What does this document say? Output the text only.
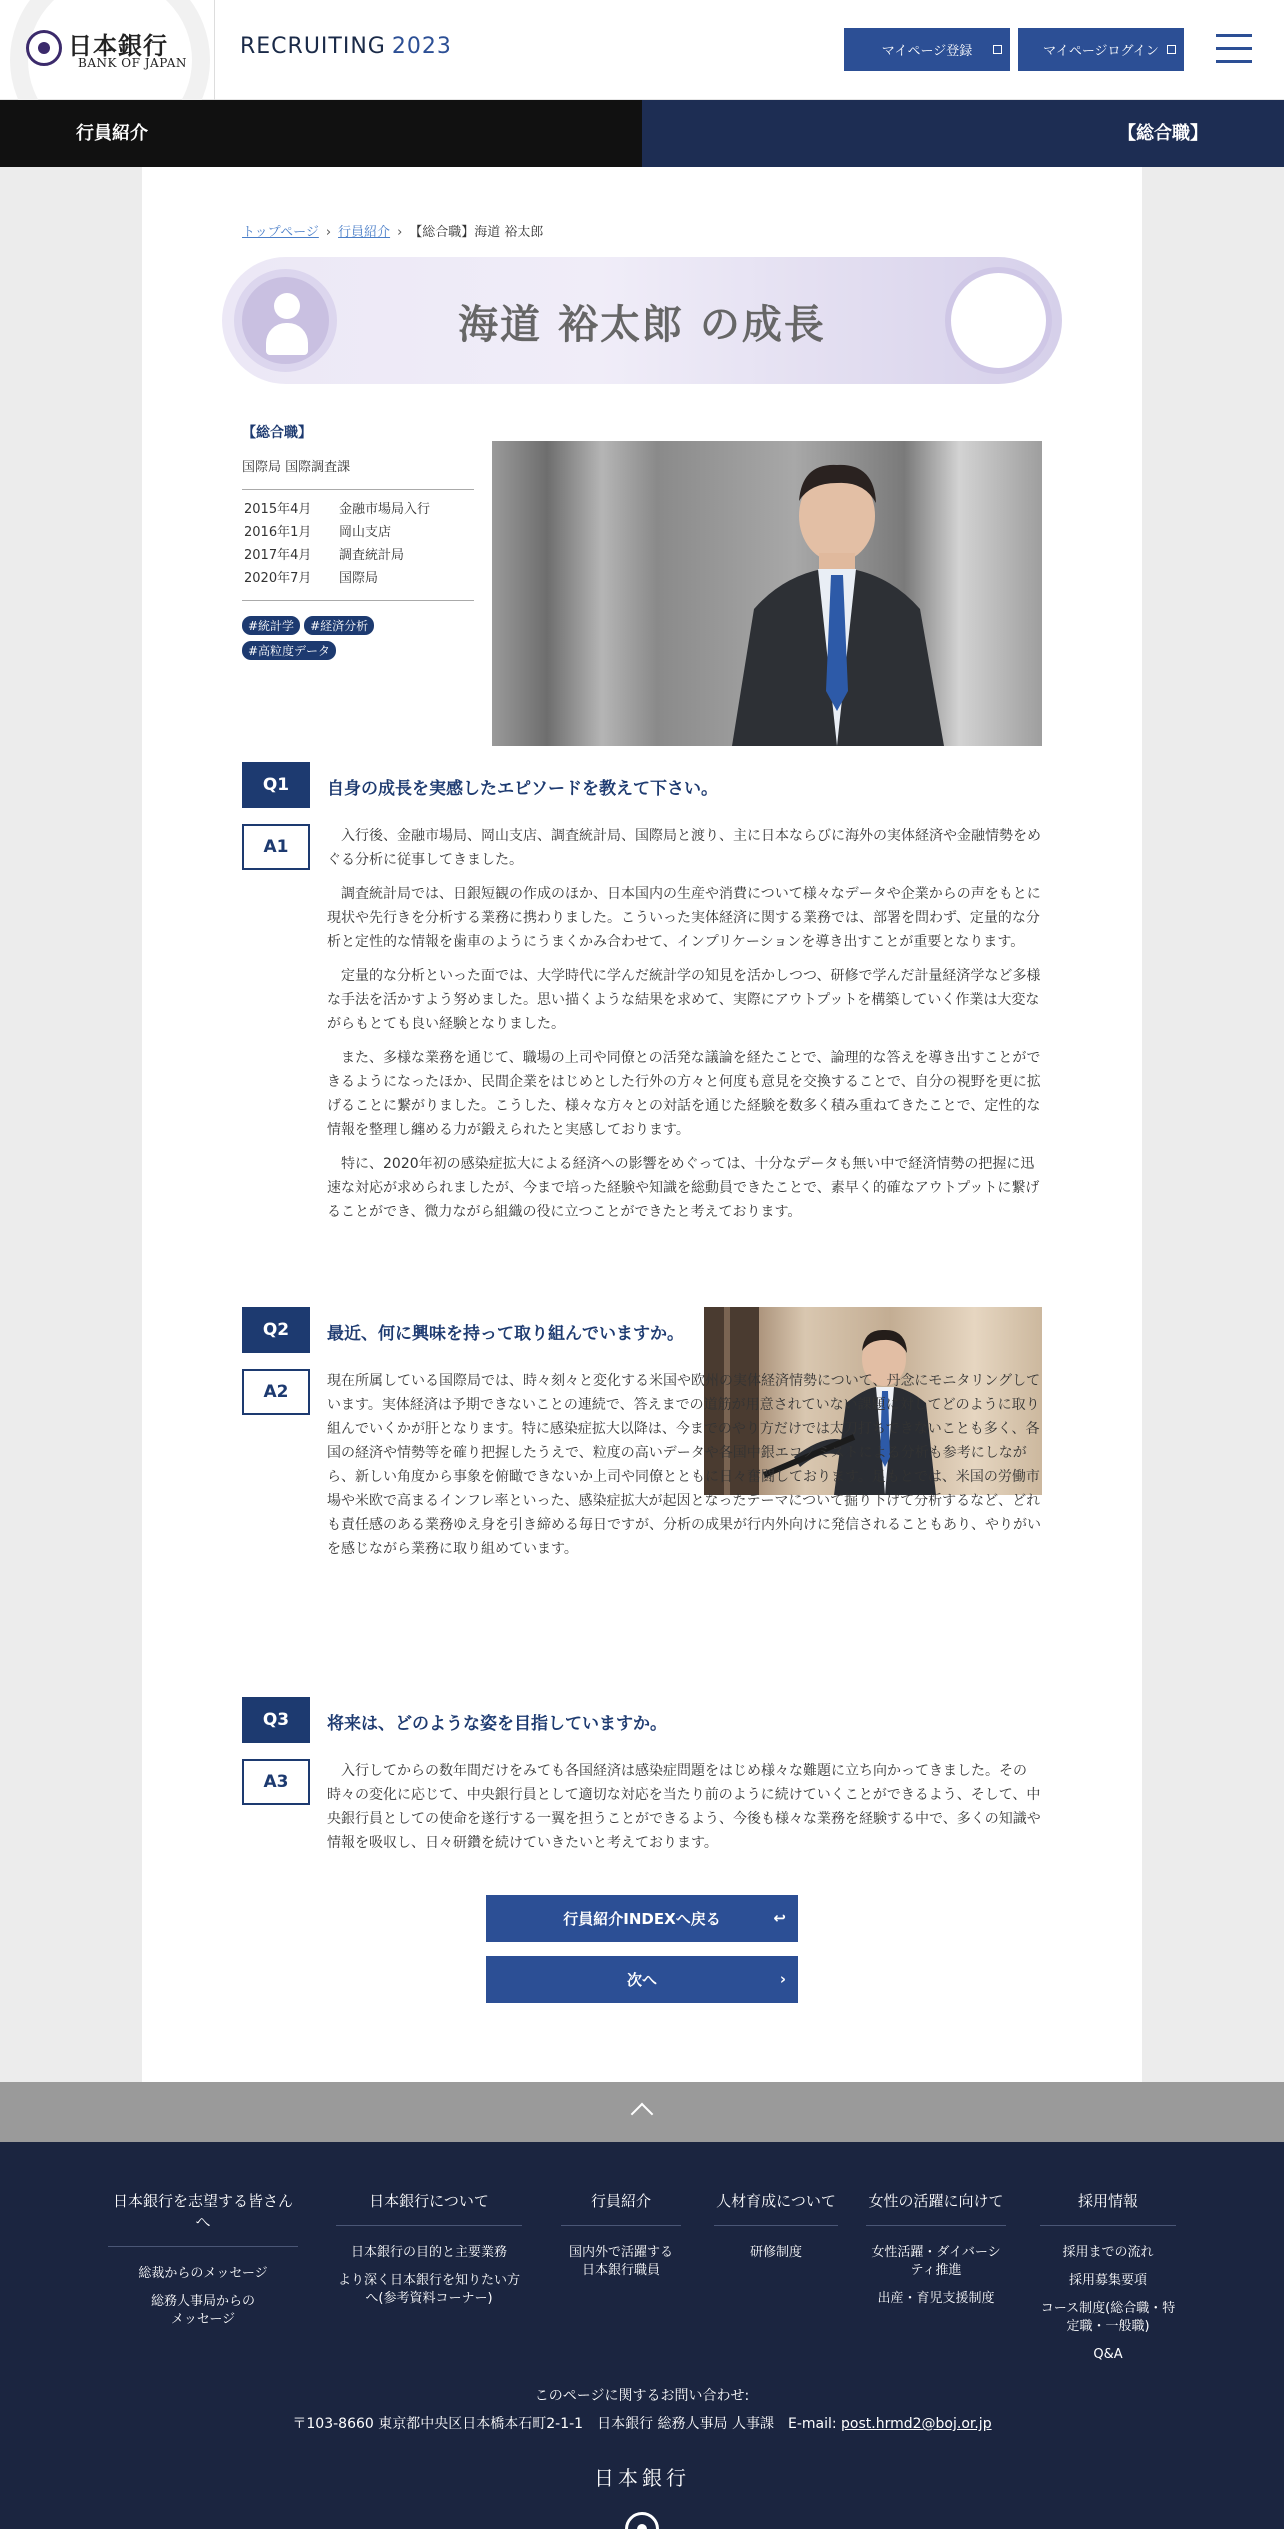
日本銀行
BANK OF JAPAN
RECRUITING 2023	マイページ登録	マイページログイン
行員紹介	【総合職】
トップページ › 行員紹介 › 【総合職】海道 裕太郎
海道 裕太郎 の成長
【総合職】
国際局 国際調査課
2015年4月	金融市場局入行
2016年1月	岡山支店
2017年4月	調査統計局
2020年7月	国際局
#統計学 #経済分析#高粒度データ
Q1	自身の成長を実感したエピソードを教えて下さい。
A1

入行後、金融市場局、岡山支店、調査統計局、国際局と渡り、主に日本ならびに海外の実体経済や金融情勢をめぐる分析に従事してきました。

調査統計局では、日銀短観の作成のほか、日本国内の生産や消費について様々なデータや企業からの声をもとに現状や先行きを分析する業務に携わりました。こういった実体経済に関する業務では、部署を問わず、定量的な分析と定性的な情報を歯車のようにうまくかみ合わせて、インプリケーションを導き出すことが重要となります。

定量的な分析といった面では、大学時代に学んだ統計学の知見を活かしつつ、研修で学んだ計量経済学など多様な手法を活かすよう努めました。思い描くような結果を求めて、実際にアウトプットを構築していく作業は大変ながらもとても良い経験となりました。

また、多様な業務を通じて、職場の上司や同僚との活発な議論を経たことで、論理的な答えを導き出すことができるようになったほか、民間企業をはじめとした行外の方々と何度も意見を交換することで、自分の視野を更に拡げることに繋がりました。こうした、様々な方々との対話を通じた経験を数多く積み重ねてきたことで、定性的な情報を整理し纏める力が鍛えられたと実感しております。

特に、2020年初の感染症拡大による経済への影響をめぐっては、十分なデータも無い中で経済情勢の把握に迅速な対応が求められましたが、今まで培った経験や知識を総動員できたことで、素早く的確なアウトプットに繋げることができ、微力ながら組織の役に立つことができたと考えております。

Q2	最近、何に興味を持って取り組んでいますか。
A2

現在所属している国際局では、時々刻々と変化する米国や欧州の実体経済情勢について、丹念にモニタリングしています。実体経済は予期できないことの連続で、答えまでの道筋が用意されていない課題に対してどのように取り組んでいくかが肝となります。特に感染症拡大以降は、今までのやり方だけでは太刀打ちできないことも多く、各国の経済や情勢等を確り把握したうえで、粒度の高いデータや各国中銀エコノミストによる分析も参考にしながら、新しい角度から事象を俯瞰できないか上司や同僚とともに日々奮闘しております。足もとでは、米国の労働市場や米欧で高まるインフレ率といった、感染症拡大が起因となったテーマについて掘り下げて分析するなど、どれも責任感のある業務ゆえ身を引き締める毎日ですが、分析の成果が行内外向けに発信されることもあり、やりがいを感じながら業務に取り組めています。

Q3	将来は、どのような姿を目指していますか。
A3

入行してからの数年間だけをみても各国経済は感染症問題をはじめ様々な難題に立ち向かってきました。その時々の変化に応じて、中央銀行員として適切な対応を当たり前のように続けていくことができるよう、そして、中央銀行員としての使命を遂行する一翼を担うことができるよう、今後も様々な業務を経験する中で、多くの知識や情報を吸収し、日々研鑽を続けていきたいと考えております。

行員紹介INDEXへ戻る	↩
次へ	›
日本銀行を志望する皆さんへ
総裁からのメッセージ
総務人事局からの
メッセージ
日本銀行について
日本銀行の目的と主要業務
より深く日本銀行を知りたい方へ(参考資料コーナー)
行員紹介
国内外で活躍する
日本銀行職員
人材育成について
研修制度
女性の活躍に向けて
女性活躍・ダイバーシティ推進
出産・育児支援制度
採用情報
採用までの流れ
採用募集要項
コース制度(総合職・特定職・一般職)
Q&A
このページに関するお問い合わせ:
〒103-8660 東京都中央区日本橋本石町2-1-1　日本銀行 総務人事局 人事課　E-mail: post.hrmd2@boj.or.jp
日本銀行
